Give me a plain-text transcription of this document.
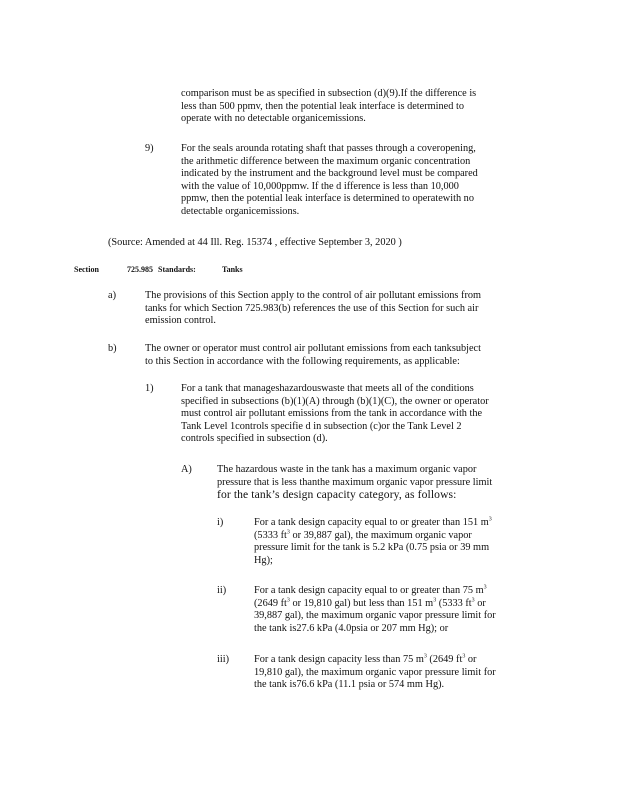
comparison must be as specified in subsection (d)(9).If the difference is
less than 500 ppmv, then the potential leak interface is determined to
operate with no detectable organicemissions.
9)	For the seals arounda rotating shaft that passes through a coveropening,
the arithmetic difference between the maximum organic concentration
indicated by the instrument and the background level must be compared
with the value of 10,000ppmw. If the d ifference is less than 10,000
ppmw, then the potential leak interface is determined to operatewith no
detectable organicemissions.
(Source: Amended at 44 Ill. Reg. 15374 , effective September 3, 2020 )
Section	725.985 Standards:	Tanks
a)	The provisions of this Section apply to the control of air pollutant emissions from
tanks for which Section 725.983(b) references the use of this Section for such air
emission control.
b)	The owner or operator must control air pollutant emissions from each tanksubject
to this Section in accordance with the following requirements, as applicable:
1)	For a tank that manageshazardouswaste that meets all of the conditions
specified in subsections (b)(1)(A) through (b)(1)(C), the owner or operator
must control air pollutant emissions from the tank in accordance with the
Tank Level 1controls specifie d in subsection (c)or the Tank Level 2
controls specified in subsection (d).
A) The hazardous waste in the tank has a maximum organic vapor
pressure that is less thanthe maximum organic vapor pressure limit
for the tank’s design capacity category, as follows:
i)	For a tank design capacity equal to or greater than 151 $m^3$
(5333 $ft^3$ or 39,887 gal), the maximum organic vapor
pressure limit for the tank is 5.2 kPa (0.75 psia or 39 mm
Hg);
ii)	For a tank design capacity equal to or greater than 75 $m^3$
(2649 $ft^3$ or 19,810 gal) but less than 151 $m^3$ (5333 $ft^3$ or
39,887 gal), the maximum organic vapor pressure limit for
the tank is27.6 kPa (4.0psia or 207 mm Hg); or
iii) For a tank design capacity less than 75 $m^3$ (2649 $ft^3$ or
19,810 gal), the maximum organic vapor pressure limit for
the tank is76.6 kPa (11.1 psia or 574 mm Hg).
